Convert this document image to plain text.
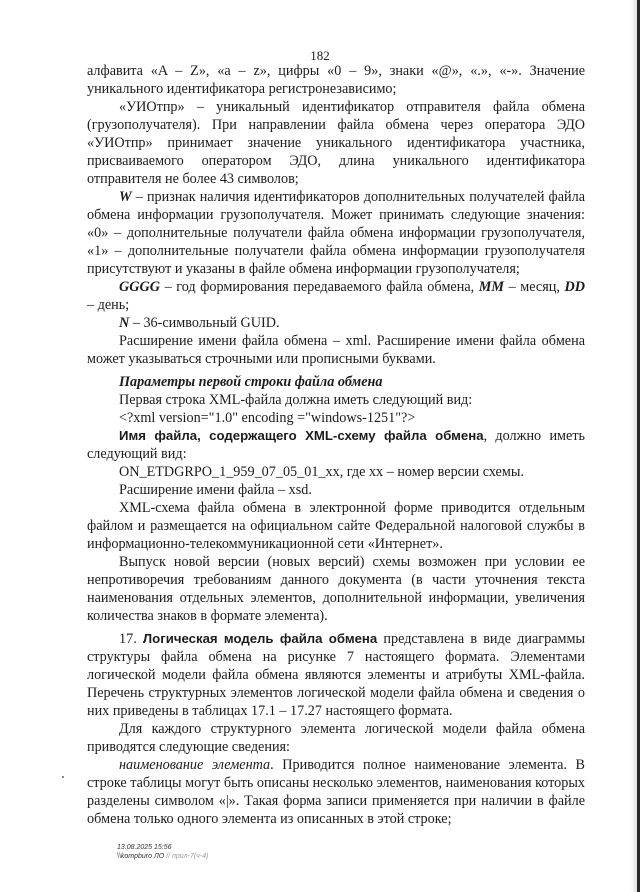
182

алфавита «A – Z», «a – z», цифры «0 – 9», знаки «@», «.», «-». Значение уникального идентификатора регистронезависимо;

«УИОтпр» – уникальный идентификатор отправителя файла обмена (грузополучателя). При направлении файла обмена через оператора ЭДО «УИОтпр» принимает значение уникального идентификатора участника, присваиваемого оператором ЭДО, длина уникального идентификатора отправителя не более 43 символов;

W – признак наличия идентификаторов дополнительных получателей файла обмена информации грузополучателя. Может принимать следующие значения: «0» – дополнительные получатели файла обмена информации грузополучателя, «1» – дополнительные получатели файла обмена информации грузополучателя присутствуют и указаны в файле обмена информации грузополучателя;

GGGG – год формирования передаваемого файла обмена, MM – месяц, DD – день;

N – 36-символьный GUID.

Расширение имени файла обмена – xml. Расширение имени файла обмена может указываться строчными или прописными буквами.

Параметры первой строки файла обмена

Первая строка XML-файла должна иметь следующий вид:

<?xml version="1.0" encoding ="windows-1251"?>

Имя файла, содержащего XML-схему файла обмена, должно иметь следующий вид:

ON_ETDGRPO_1_959_07_05_01_xx, где хх – номер версии схемы.

Расширение имени файла – xsd.

XML-схема файла обмена в электронной форме приводится отдельным файлом и размещается на официальном сайте Федеральной налоговой службы в информационно-телекоммуникационной сети «Интернет».

Выпуск новой версии (новых версий) схемы возможен при условии ее непротиворечия требованиям данного документа (в части уточнения текста наименования отдельных элементов, дополнительной информации, увеличения количества знаков в формате элемента).

17. Логическая модель файла обмена представлена в виде диаграммы структуры файла обмена на рисунке 7 настоящего формата. Элементами логической модели файла обмена являются элементы и атрибуты XML-файла. Перечень структурных элементов логической модели файла обмена и сведения о них приведены в таблицах 17.1 – 17.27 настоящего формата.

Для каждого структурного элемента логической модели файла обмена приводятся следующие сведения:

наименование элемента. Приводится полное наименование элемента. В строке таблицы могут быть описаны несколько элементов, наименования которых разделены символом «|». Такая форма записи применяется при наличии в файле обмена только одного элемента из описанных в этой строке;

13.08.2025 15:56
\\kompburo ЛО // прил-7(ч-4)
